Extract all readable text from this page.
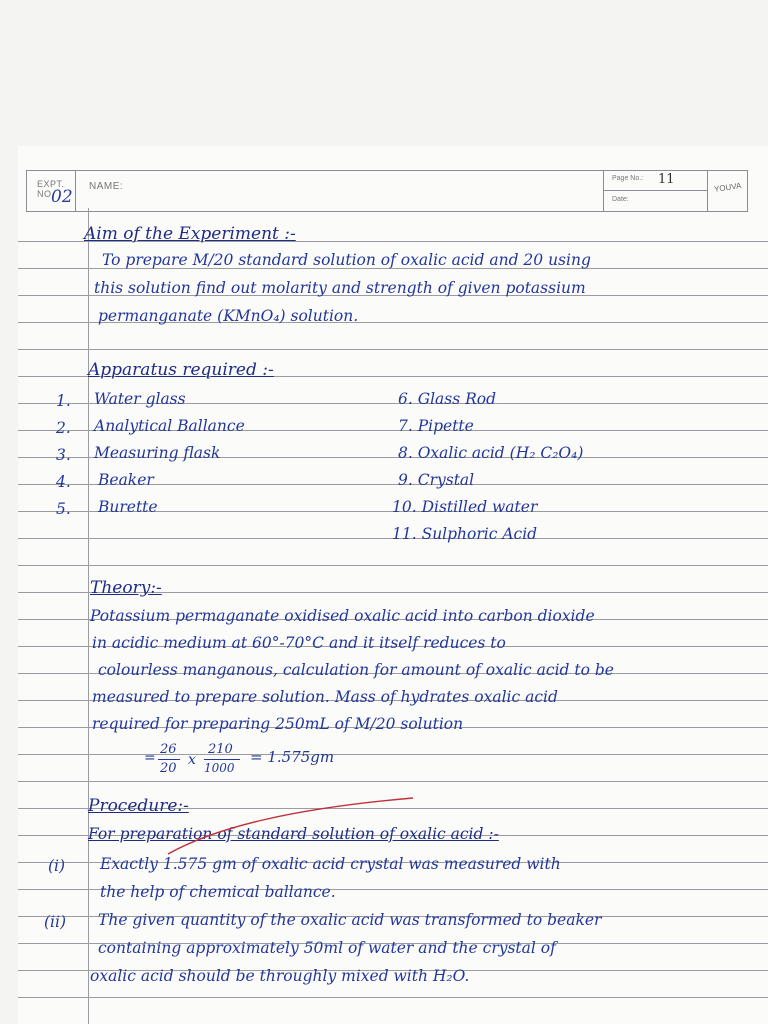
EXPT. NO.
02
NAME:
Page No.: 11
Date:
YOUVA
Aim of the Experiment :-
To prepare M/20 standard solution of oxalic acid and 20 using
this solution find out molarity and strength of given potassium
permanganate (KMnO₄) solution.
Apparatus required :-
1. Water glass
2. Analytical Ballance
3. Measuring flask
4. Beaker
5. Burette
6. Glass Rod
7. Pipette
8. Oxalic acid (H₂ C₂O₄)
9. Crystal
10. Distilled water
11. Sulphoric Acid
Theory:-
Potassium permaganate oxidised oxalic acid into carbon dioxide
in acidic medium at 60°-70°C and it itself reduces to
colourless manganous, calculation for amount of oxalic acid to be
measured to prepare solution. Mass of hydrates oxalic acid
required for preparing 250mL of M/20 solution
=
26
20
x
210
1000
= 1.575gm
Procedure:-
For preparation of standard solution of oxalic acid :-
(i) Exactly 1.575 gm of oxalic acid crystal was measured with
the help of chemical ballance.
(ii) The given quantity of the oxalic acid was transformed to beaker
containing approximately 50ml of water and the crystal of
oxalic acid should be throughly mixed with H₂O.
